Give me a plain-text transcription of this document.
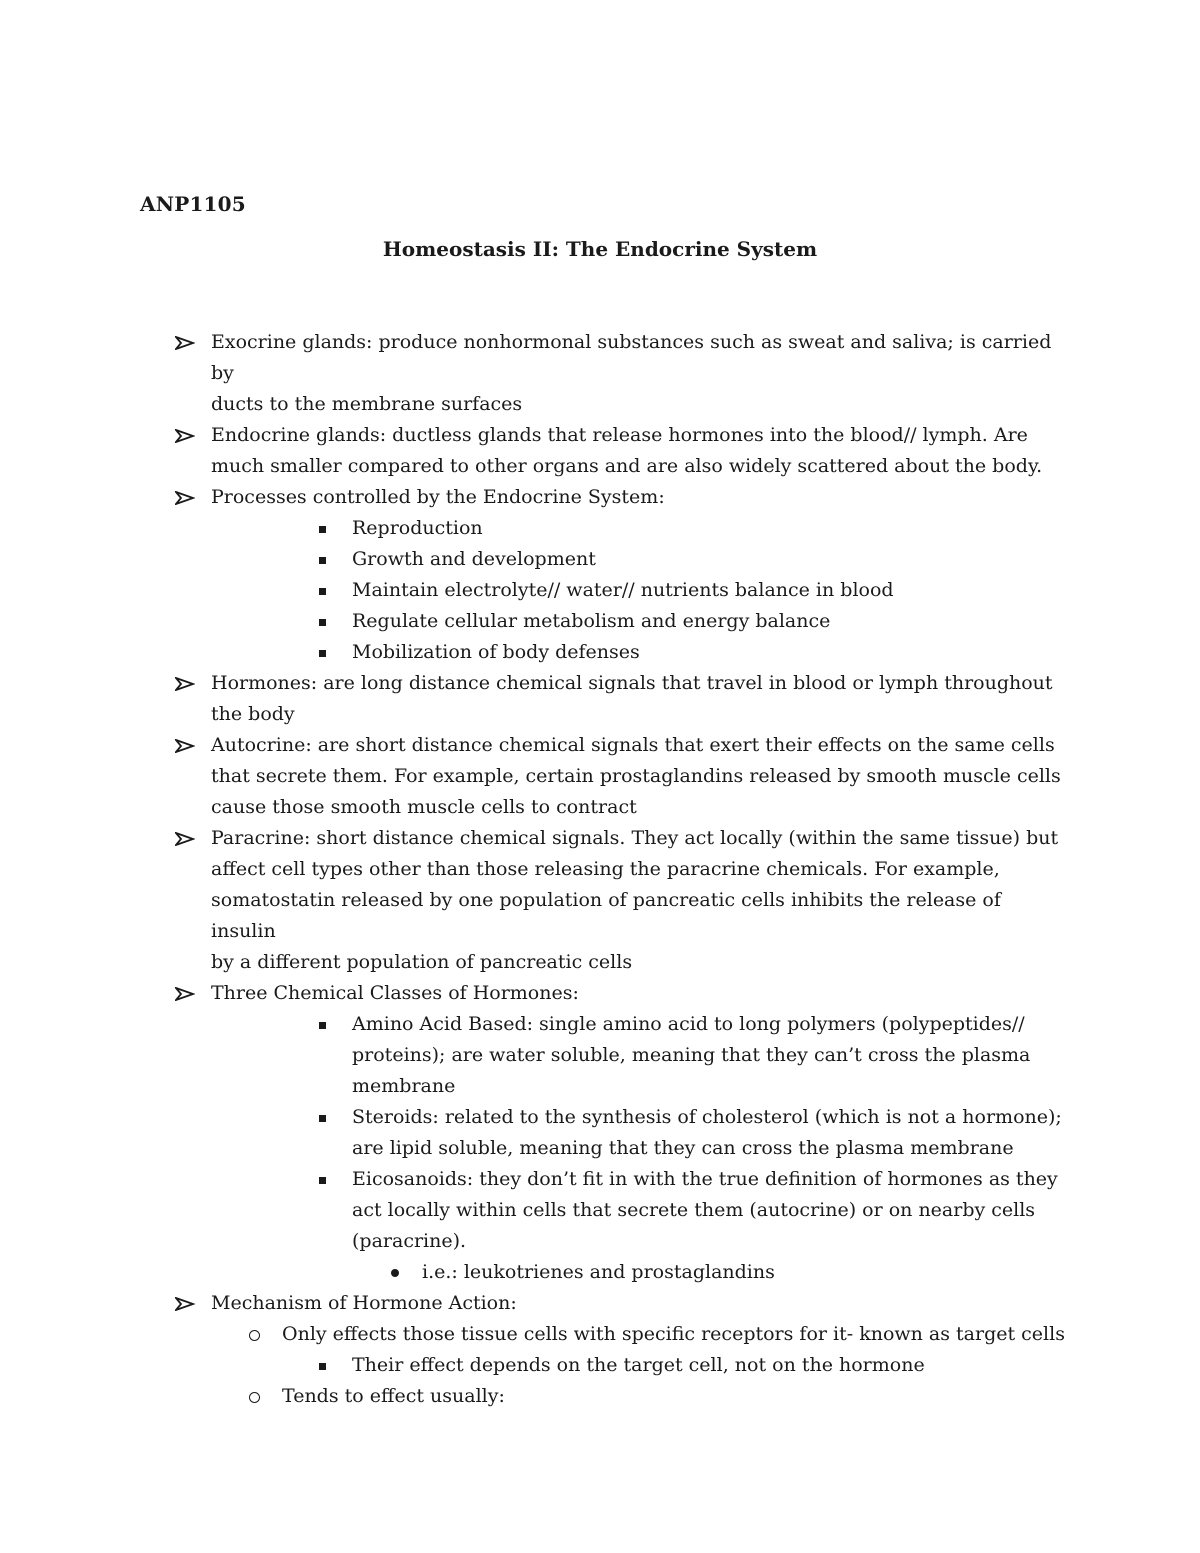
ANP1105
Homeostasis II: The Endocrine System
Exocrine glands: produce nonhormonal substances such as sweat and saliva; is carried by
ducts to the membrane surfaces
Endocrine glands: ductless glands that release hormones into the blood// lymph. Are
much smaller compared to other organs and are also widely scattered about the body.
Processes controlled by the Endocrine System:
Reproduction
Growth and development
Maintain electrolyte// water// nutrients balance in blood
Regulate cellular metabolism and energy balance
Mobilization of body defenses
Hormones: are long distance chemical signals that travel in blood or lymph throughout
the body
Autocrine: are short distance chemical signals that exert their effects on the same cells
that secrete them. For example, certain prostaglandins released by smooth muscle cells
cause those smooth muscle cells to contract
Paracrine: short distance chemical signals. They act locally (within the same tissue) but
affect cell types other than those releasing the paracrine chemicals. For example,
somatostatin released by one population of pancreatic cells inhibits the release of insulin
by a different population of pancreatic cells
Three Chemical Classes of Hormones:
Amino Acid Based: single amino acid to long polymers (polypeptides//
proteins); are water soluble, meaning that they can’t cross the plasma
membrane
Steroids: related to the synthesis of cholesterol (which is not a hormone);
are lipid soluble, meaning that they can cross the plasma membrane
Eicosanoids: they don’t fit in with the true definition of hormones as they
act locally within cells that secrete them (autocrine) or on nearby cells
(paracrine).
i.e.: leukotrienes and prostaglandins
Mechanism of Hormone Action:
Only effects those tissue cells with specific receptors for it- known as target cells
Their effect depends on the target cell, not on the hormone
Tends to effect usually:
